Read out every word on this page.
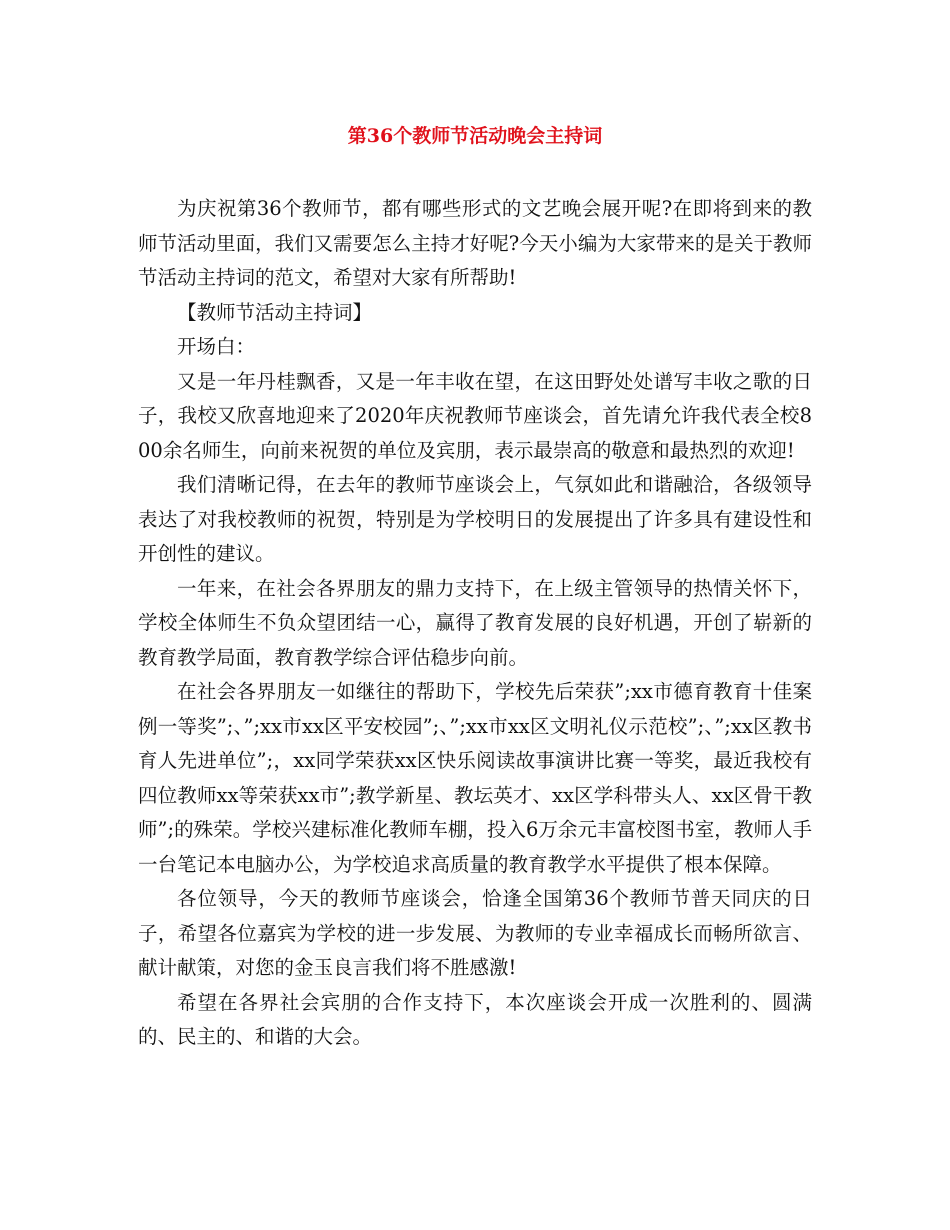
第36个教师节活动晚会主持词

为庆祝第36个教师节，都有哪些形式的文艺晚会展开呢?在即将到来的教师节活动里面，我们又需要怎么主持才好呢?今天小编为大家带来的是关于教师节活动主持词的范文，希望对大家有所帮助!

【教师节活动主持词】

开场白：

又是一年丹桂飘香，又是一年丰收在望，在这田野处处谱写丰收之歌的日子，我校又欣喜地迎来了2020年庆祝教师节座谈会，首先请允许我代表全校800余名师生，向前来祝贺的单位及宾朋，表示最崇高的敬意和最热烈的欢迎!

我们清晰记得，在去年的教师节座谈会上，气氛如此和谐融洽，各级领导表达了对我校教师的祝贺，特别是为学校明日的发展提出了许多具有建设性和开创性的建议。

一年来，在社会各界朋友的鼎力支持下，在上级主管领导的热情关怀下，学校全体师生不负众望团结一心，赢得了教育发展的良好机遇，开创了崭新的教育教学局面，教育教学综合评估稳步向前。

在社会各界朋友一如继往的帮助下，学校先后荣获”;xx市德育教育十佳案例一等奖”;、”;xx市xx区平安校园”;、”;xx市xx区文明礼仪示范校”;、”;xx区教书育人先进单位”;，xx同学荣获xx区快乐阅读故事演讲比赛一等奖，最近我校有四位教师xx等荣获xx市”;教学新星、教坛英才、xx区学科带头人、xx区骨干教师”;的殊荣。学校兴建标准化教师车棚，投入6万余元丰富校图书室，教师人手一台笔记本电脑办公，为学校追求高质量的教育教学水平提供了根本保障。

各位领导，今天的教师节座谈会，恰逢全国第36个教师节普天同庆的日子，希望各位嘉宾为学校的进一步发展、为教师的专业幸福成长而畅所欲言、献计献策，对您的金玉良言我们将不胜感激!

希望在各界社会宾朋的合作支持下，本次座谈会开成一次胜利的、圆满的、民主的、和谐的大会。
